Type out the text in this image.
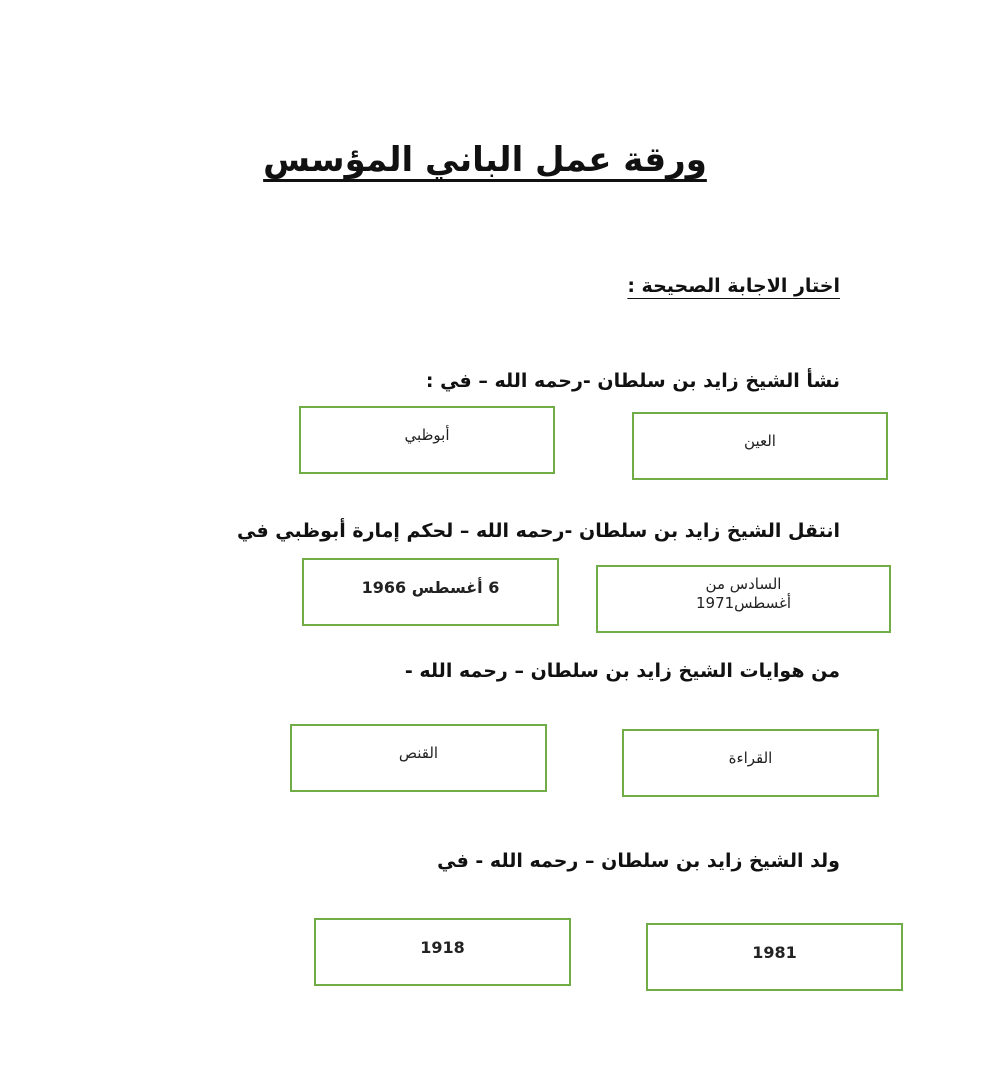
ورقة عمل الباني المؤسس
اختار الاجابة الصحيحة :
نشأ الشيخ زايد بن سلطان -رحمه الله – في :
العين
أبوظبي
انتقل الشيخ زايد بن سلطان -رحمه الله – لحكم إمارة أبوظبي في
السادس من أغسطس1971
6 أغسطس 1966
من هوايات الشيخ زايد بن سلطان – رحمه الله -
القراءة
القنص
ولد الشيخ زايد بن سلطان – رحمه الله - في
1981
1918
